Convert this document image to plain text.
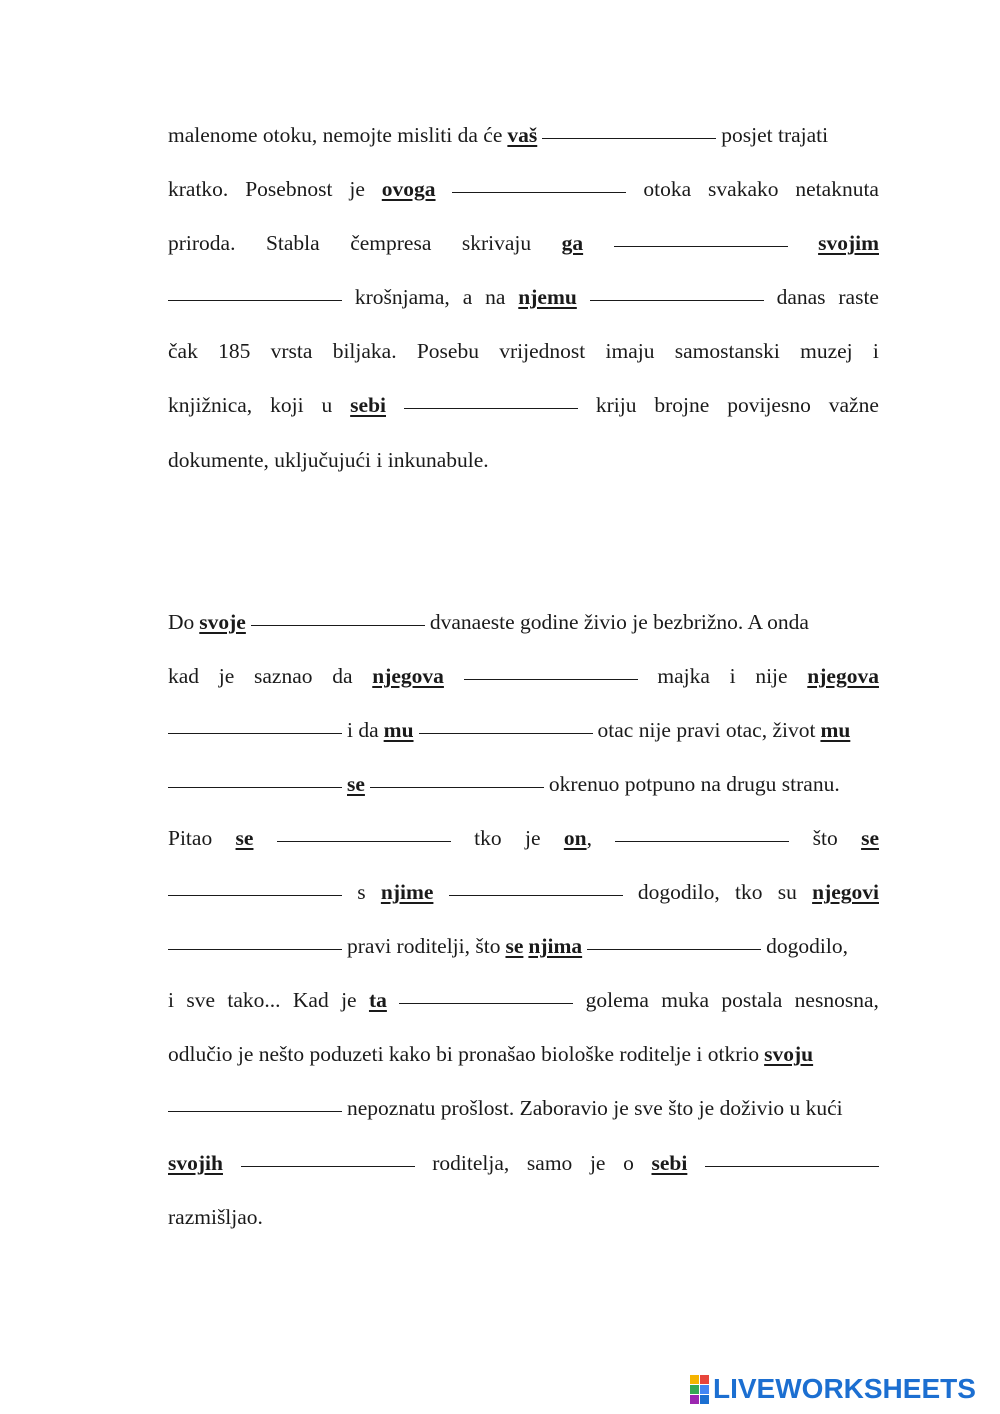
malenome otoku, nemojte misliti da će vaš	posjet trajati
kratko. Posebnost je ovoga	otoka svakako netaknuta
priroda. Stabla čempresa skrivaju ga	svojim
krošnjama, a na njemu	danas raste
čak 185 vrsta biljaka. Posebu vrijednost imaju samostanski muzej i
knjižnica, koji u sebi	kriju brojne povijesno važne
dokumente, uključujući i inkunabule.
Do svoje	dvanaeste godine živio je bezbrižno. A onda
kad je saznao da njegova	majka i nije njegova
i da mu	otac nije pravi otac, život mu
se	okrenuo potpuno na drugu stranu.
Pitao se	tko je on,	što se
s njime	dogodilo, tko su njegovi
pravi roditelji, što se njima	dogodilo,
i sve tako... Kad je ta	golema muka postala nesnosna,
odlučio je nešto poduzeti kako bi pronašao biološke roditelje i otkrio svoju
nepoznatu prošlost. Zaboravio je sve što je doživio u kući
svojih	roditelja, samo je o sebi
razmišljao.
LIVEWORKSHEETS
